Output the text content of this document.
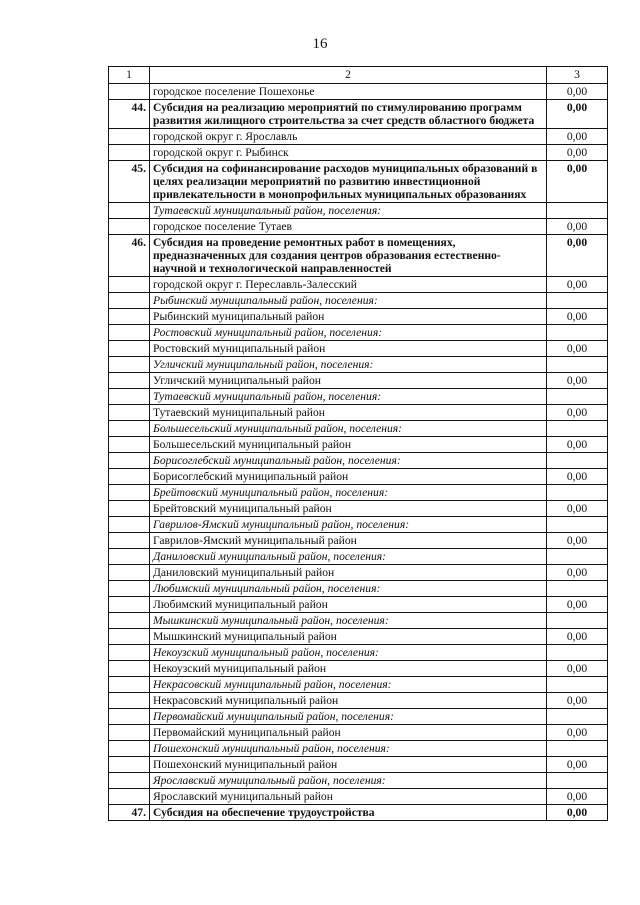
16
1	2	3
	городское поселение Пошехонье	0,00
44.	Субсидия на реализацию мероприятий по стимулированию программ развития жилищного строительства за счет средств областного бюджета	0,00
	городской округ г. Ярославль	0,00
	городской округ г. Рыбинск	0,00
45.	Субсидия на софинансирование расходов муниципальных образований в целях реализации мероприятий по развитию инвестиционной привлекательности в монопрофильных муниципальных образованиях	0,00
	Тутаевский муниципальный район, поселения:	
	городское поселение Тутаев	0,00
46.	Субсидия на проведение ремонтных работ в помещениях, предназначенных для создания центров образования естественно-научной и технологической направленностей	0,00
	городской округ г. Переславль-Залесский	0,00
	Рыбинский муниципальный район, поселения:	
	Рыбинский муниципальный район	0,00
	Ростовский муниципальный район, поселения:	
	Ростовский муниципальный район	0,00
	Угличский муниципальный район, поселения:	
	Угличский муниципальный район	0,00
	Тутаевский муниципальный район, поселения:	
	Тутаевский муниципальный район	0,00
	Большесельский муниципальный район, поселения:	
	Большесельский муниципальный район	0,00
	Борисоглебский муниципальный район, поселения:	
	Борисоглебский муниципальный район	0,00
	Брейтовский муниципальный район, поселения:	
	Брейтовский муниципальный район	0,00
	Гаврилов-Ямский муниципальный район, поселения:	
	Гаврилов-Ямский муниципальный район	0,00
	Даниловский муниципальный район, поселения:	
	Даниловский муниципальный район	0,00
	Любимский муниципальный район, поселения:	
	Любимский муниципальный район	0,00
	Мышкинский муниципальный район, поселения:	
	Мышкинский муниципальный район	0,00
	Некоузский муниципальный район, поселения:	
	Некоузский муниципальный район	0,00
	Некрасовский муниципальный район, поселения:	
	Некрасовский муниципальный район	0,00
	Первомайский муниципальный район, поселения:	
	Первомайский муниципальный район	0,00
	Пошехонский муниципальный район, поселения:	
	Пошехонский муниципальный район	0,00
	Ярославский муниципальный район, поселения:	
	Ярославский муниципальный район	0,00
47.	Субсидия на обеспечение трудоустройства	0,00
